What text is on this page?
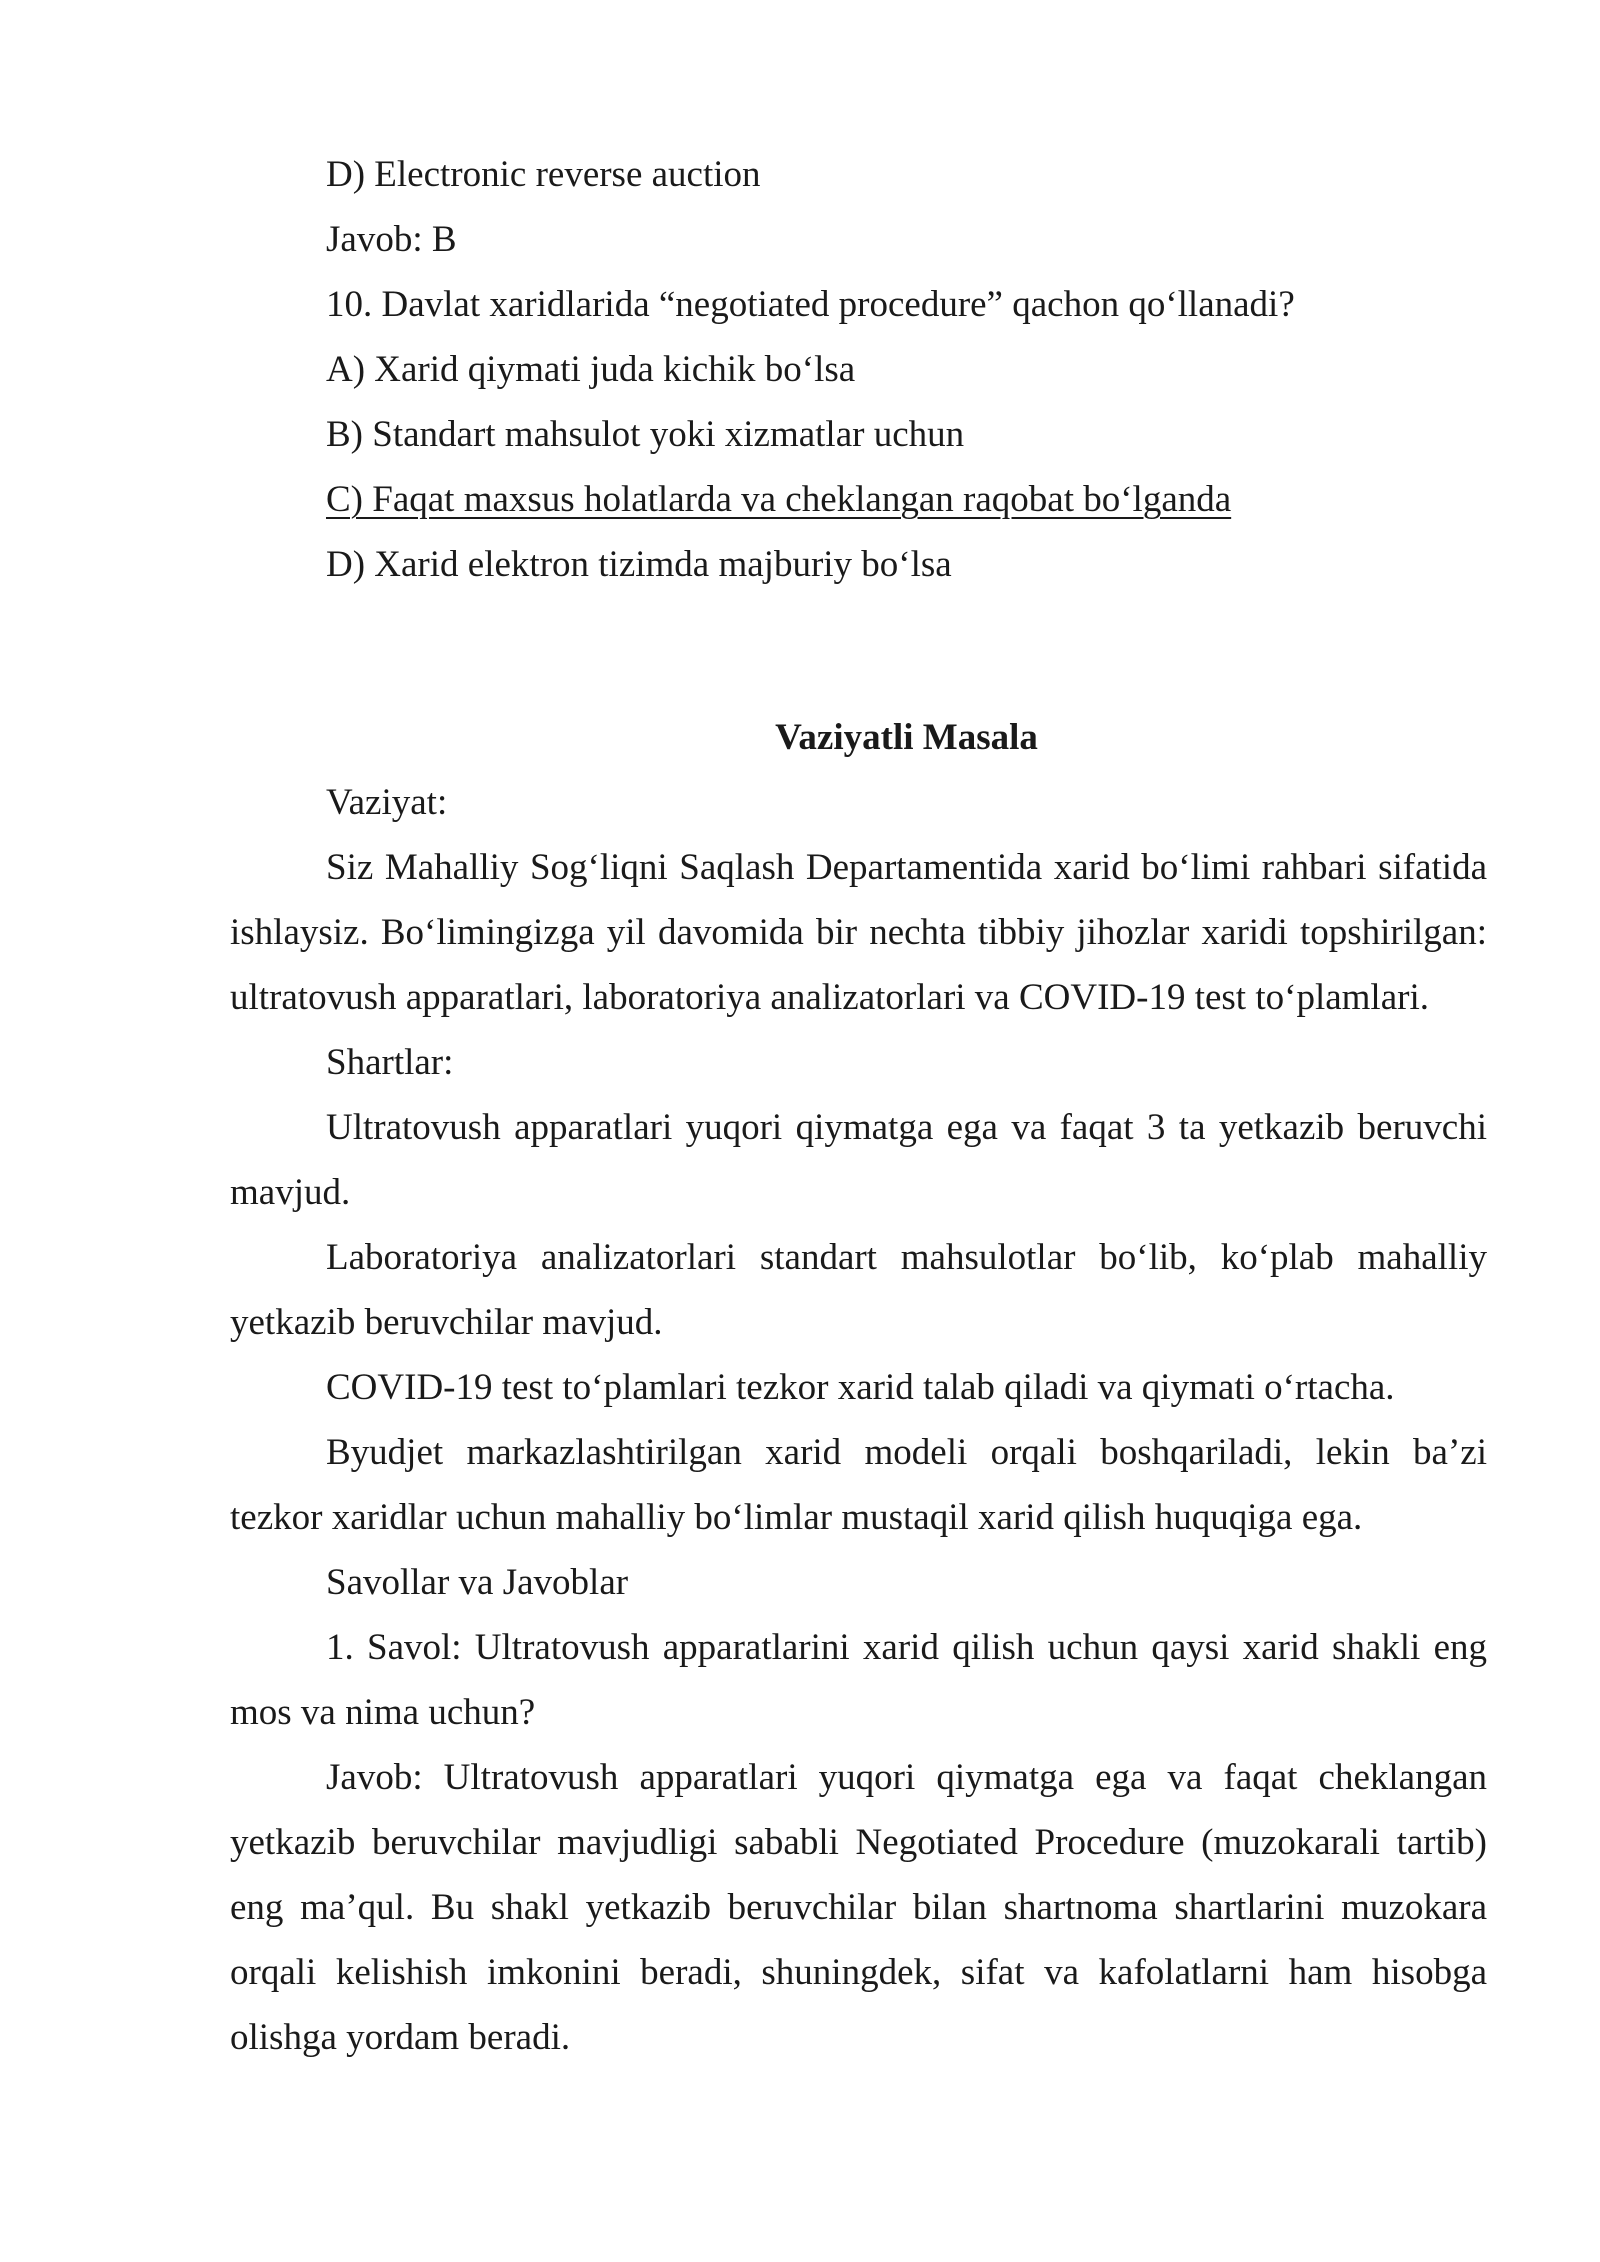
D) Electronic reverse auction

Javob: B

10. Davlat xaridlarida “negotiated procedure” qachon qo‘llanadi?

A) Xarid qiymati juda kichik bo‘lsa

B) Standart mahsulot yoki xizmatlar uchun

C) Faqat maxsus holatlarda va cheklangan raqobat bo‘lganda

D) Xarid elektron tizimda majburiy bo‘lsa

Vaziyatli Masala

Vaziyat:

Siz Mahalliy Sog‘liqni Saqlash Departamentida xarid bo‘limi rahbari sifatida ishlaysiz. Bo‘limingizga yil davomida bir nechta tibbiy jihozlar xaridi topshirilgan: ultratovush apparatlari, laboratoriya analizatorlari va COVID-19 test to‘plamlari.

Shartlar:

Ultratovush apparatlari yuqori qiymatga ega va faqat 3 ta yetkazib beruvchi mavjud.

Laboratoriya analizatorlari standart mahsulotlar bo‘lib, ko‘plab mahalliy yetkazib beruvchilar mavjud.

COVID-19 test to‘plamlari tezkor xarid talab qiladi va qiymati o‘rtacha.

Byudjet markazlashtirilgan xarid modeli orqali boshqariladi, lekin ba’zi tezkor xaridlar uchun mahalliy bo‘limlar mustaqil xarid qilish huquqiga ega.

Savollar va Javoblar

1. Savol: Ultratovush apparatlarini xarid qilish uchun qaysi xarid shakli eng mos va nima uchun?

Javob: Ultratovush apparatlari yuqori qiymatga ega va faqat cheklangan yetkazib beruvchilar mavjudligi sababli Negotiated Procedure (muzokarali tartib) eng ma’qul. Bu shakl yetkazib beruvchilar bilan shartnoma shartlarini muzokara orqali kelishish imkonini beradi, shuningdek, sifat va kafolatlarni ham hisobga olishga yordam beradi.
